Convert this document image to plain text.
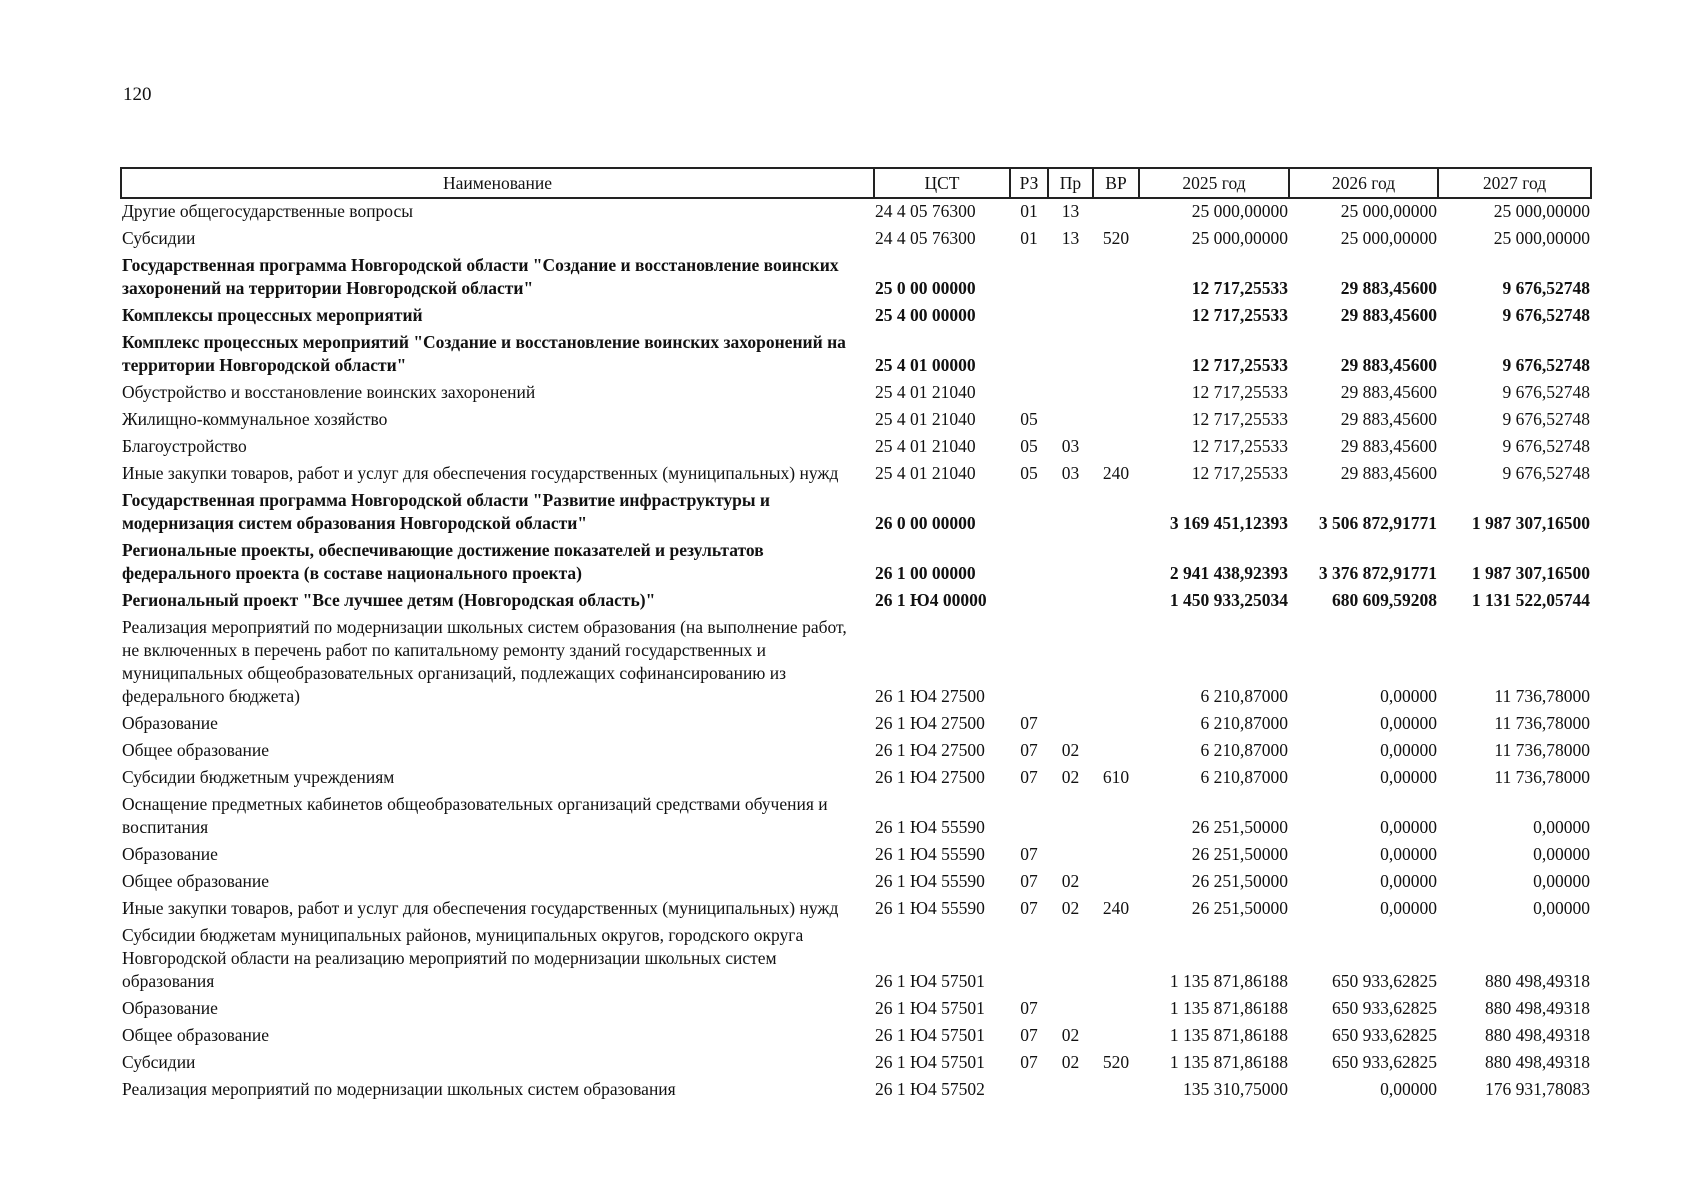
120
Наименование	ЦСТ	РЗ	Пр	ВР	2025 год	2026 год	2027 год
Другие общегосударственные вопросы	24 4 05 76300	01	13		25 000,00000	25 000,00000	25 000,00000
Субсидии	24 4 05 76300	01	13	520	25 000,00000	25 000,00000	25 000,00000
Государственная программа Новгородской области "Создание и восстановление воинских захоронений на территории Новгородской области"	25 0 00 00000				12 717,25533	29 883,45600	9 676,52748
Комплексы процессных мероприятий	25 4 00 00000				12 717,25533	29 883,45600	9 676,52748
Комплекс процессных мероприятий "Создание и восстановление воинских захоронений на территории Новгородской области"	25 4 01 00000				12 717,25533	29 883,45600	9 676,52748
Обустройство и восстановление воинских захоронений	25 4 01 21040				12 717,25533	29 883,45600	9 676,52748
Жилищно-коммунальное хозяйство	25 4 01 21040	05			12 717,25533	29 883,45600	9 676,52748
Благоустройство	25 4 01 21040	05	03		12 717,25533	29 883,45600	9 676,52748
Иные закупки товаров, работ и услуг для обеспечения государственных (муниципальных) нужд	25 4 01 21040	05	03	240	12 717,25533	29 883,45600	9 676,52748
Государственная программа Новгородской области "Развитие инфраструктуры и модернизация систем образования Новгородской области"	26 0 00 00000				3 169 451,12393	3 506 872,91771	1 987 307,16500
Региональные проекты, обеспечивающие достижение показателей и результатов федерального проекта (в составе национального проекта)	26 1 00 00000				2 941 438,92393	3 376 872,91771	1 987 307,16500
Региональный проект "Все лучшее детям (Новгородская область)"	26 1 Ю4 00000				1 450 933,25034	680 609,59208	1 131 522,05744
Реализация мероприятий по модернизации школьных систем образования (на выполнение работ, не включенных в перечень работ по капитальному ремонту зданий государственных и муниципальных общеобразовательных организаций, подлежащих софинансированию из федерального бюджета)	26 1 Ю4 27500				6 210,87000	0,00000	11 736,78000
Образование	26 1 Ю4 27500	07			6 210,87000	0,00000	11 736,78000
Общее образование	26 1 Ю4 27500	07	02		6 210,87000	0,00000	11 736,78000
Субсидии бюджетным учреждениям	26 1 Ю4 27500	07	02	610	6 210,87000	0,00000	11 736,78000
Оснащение предметных кабинетов общеобразовательных организаций средствами обучения и воспитания	26 1 Ю4 55590				26 251,50000	0,00000	0,00000
Образование	26 1 Ю4 55590	07			26 251,50000	0,00000	0,00000
Общее образование	26 1 Ю4 55590	07	02		26 251,50000	0,00000	0,00000
Иные закупки товаров, работ и услуг для обеспечения государственных (муниципальных) нужд	26 1 Ю4 55590	07	02	240	26 251,50000	0,00000	0,00000
Субсидии бюджетам муниципальных районов, муниципальных округов, городского округа Новгородской области на реализацию мероприятий по модернизации школьных систем образования	26 1 Ю4 57501				1 135 871,86188	650 933,62825	880 498,49318
Образование	26 1 Ю4 57501	07			1 135 871,86188	650 933,62825	880 498,49318
Общее образование	26 1 Ю4 57501	07	02		1 135 871,86188	650 933,62825	880 498,49318
Субсидии	26 1 Ю4 57501	07	02	520	1 135 871,86188	650 933,62825	880 498,49318
Реализация мероприятий по модернизации школьных систем образования	26 1 Ю4 57502				135 310,75000	0,00000	176 931,78083
